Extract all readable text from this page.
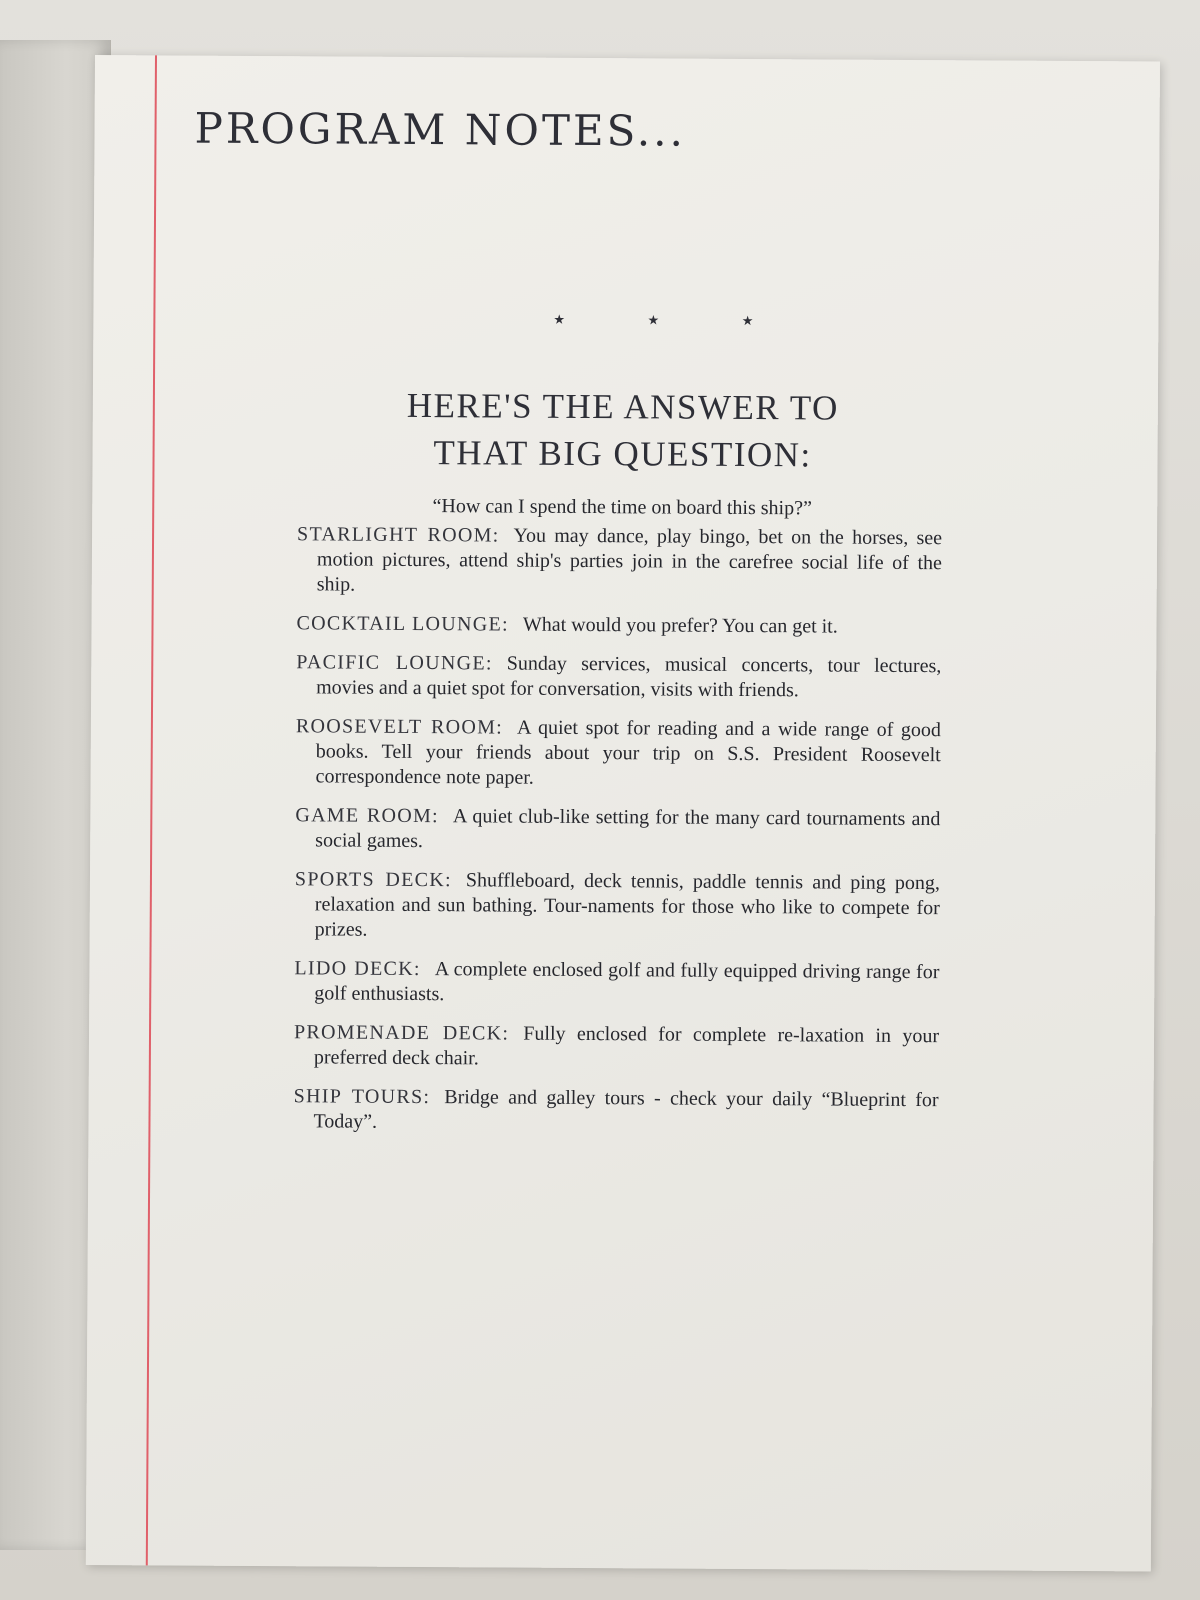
PROGRAM NOTES...
★	★	★
HERE'S THE ANSWER TO
THAT BIG QUESTION:
“How can I spend the time on board this ship?”

STARLIGHT ROOM: You may dance, play bingo, bet on the horses, see motion pictures, attend ship's parties join in the carefree social life of the ship.

COCKTAIL LOUNGE: What would you prefer? You can get it.

PACIFIC LOUNGE: Sunday services, musical concerts, tour lectures, movies and a quiet spot for conversation, visits with friends.

ROOSEVELT ROOM: A quiet spot for reading and a wide range of good books. Tell your friends about your trip on S.S. President Roosevelt correspondence note paper.

GAME ROOM: A quiet club-like setting for the many card tournaments and social games.

SPORTS DECK: Shuffleboard, deck tennis, paddle tennis and ping pong, relaxation and sun bathing. Tour-naments for those who like to compete for prizes.

LIDO DECK: A complete enclosed golf and fully equipped driving range for golf enthusiasts.

PROMENADE DECK: Fully enclosed for complete re-laxation in your preferred deck chair.

SHIP TOURS: Bridge and galley tours - check your daily “Blueprint for Today”.
